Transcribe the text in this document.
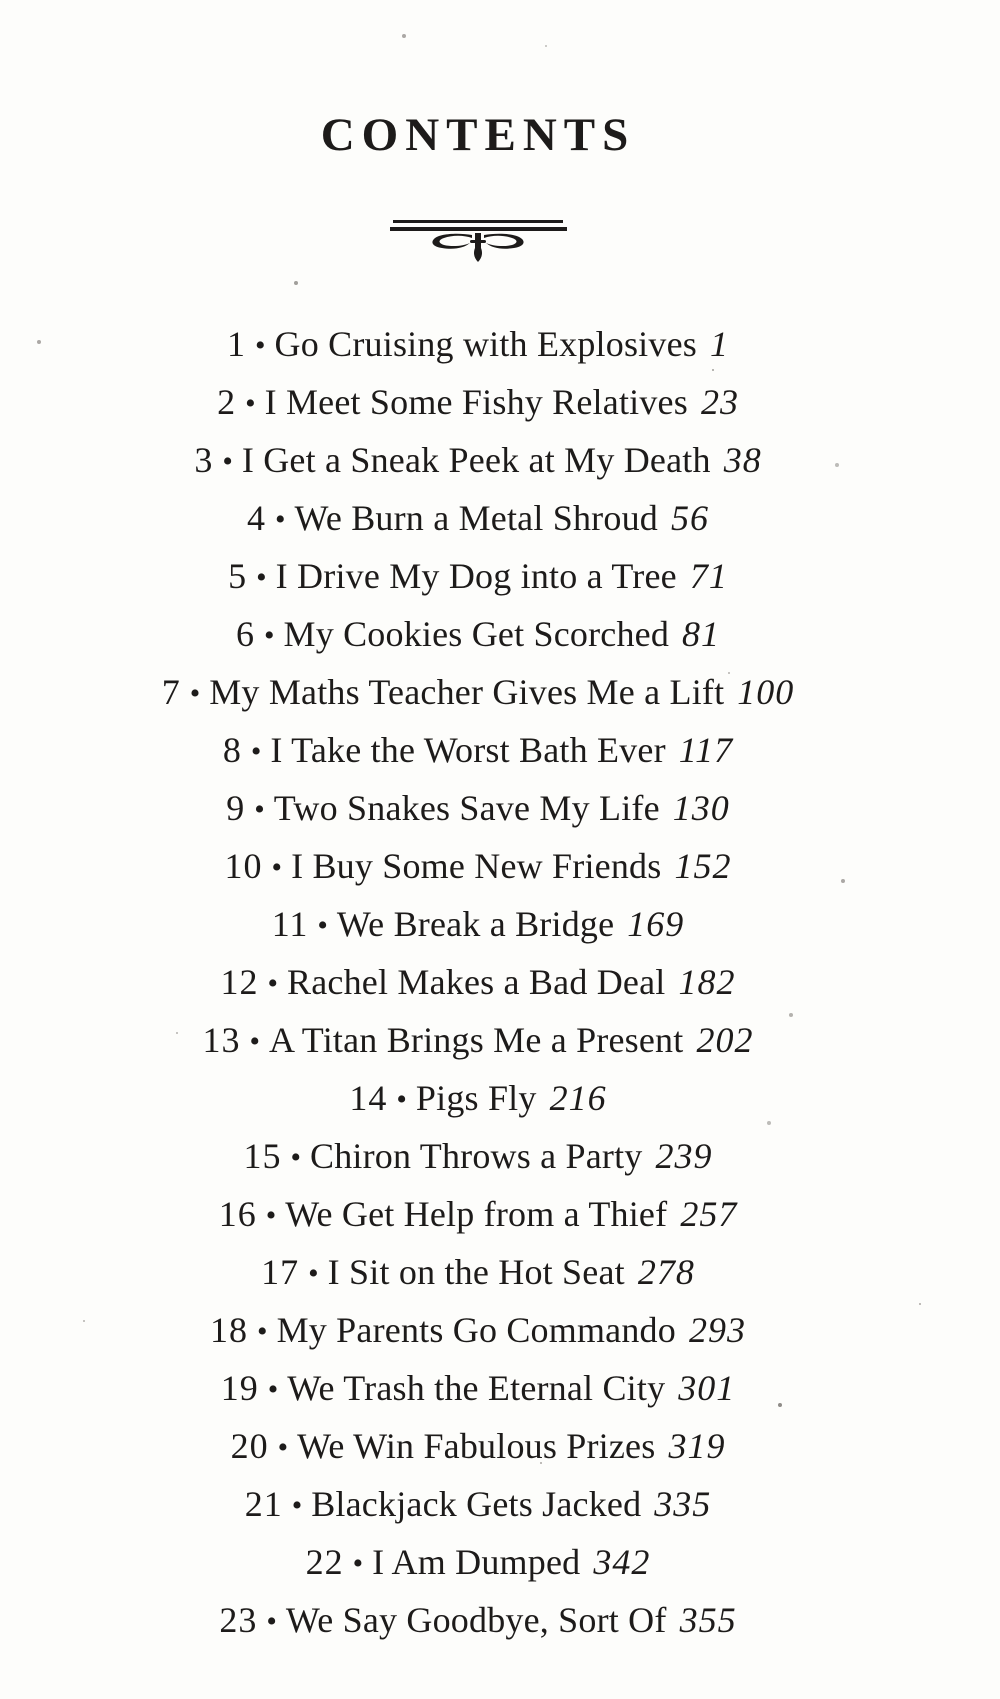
CONTENTS
1 • Go Cruising with Explosives 1
2 • I Meet Some Fishy Relatives 23
3 • I Get a Sneak Peek at My Death 38
4 • We Burn a Metal Shroud 56
5 • I Drive My Dog into a Tree 71
6 • My Cookies Get Scorched 81
7 • My Maths Teacher Gives Me a Lift 100
8 • I Take the Worst Bath Ever 117
9 • Two Snakes Save My Life 130
10 • I Buy Some New Friends 152
11 • We Break a Bridge 169
12 • Rachel Makes a Bad Deal 182
13 • A Titan Brings Me a Present 202
14 • Pigs Fly 216
15 • Chiron Throws a Party 239
16 • We Get Help from a Thief 257
17 • I Sit on the Hot Seat 278
18 • My Parents Go Commando 293
19 • We Trash the Eternal City 301
20 • We Win Fabulous Prizes 319
21 • Blackjack Gets Jacked 335
22 • I Am Dumped 342
23 • We Say Goodbye, Sort Of 355
